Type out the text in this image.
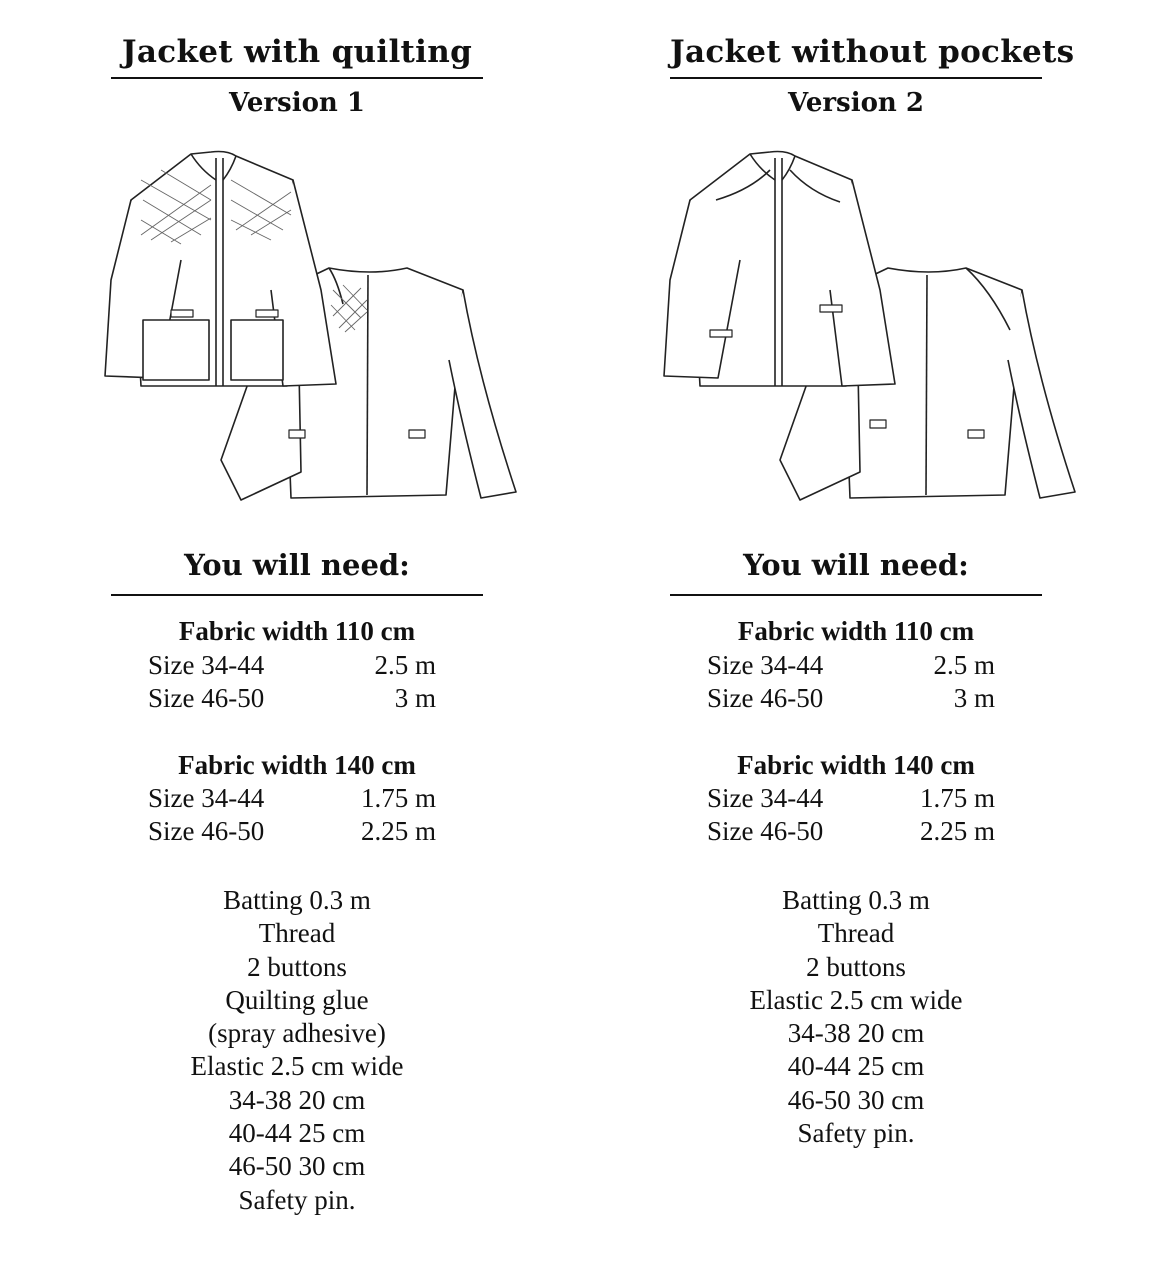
Jacket with quilting
Version 1
You will need:
Fabric width 110 cm
Size 34-44	2.5 m
Size 46-50	3 m
Fabric width 140 cm
Size 34-44	1.75 m
Size 46-50	2.25 m
Batting 0.3 m
Thread
2 buttons
Quilting glue
(spray adhesive)
Elastic 2.5 cm wide
34-38 20 cm
40-44 25 cm
46-50 30 cm
Safety pin.
Jacket without pockets
Version 2
You will need:
Fabric width 110 cm
Size 34-44	2.5 m
Size 46-50	3 m
Fabric width 140 cm
Size 34-44	1.75 m
Size 46-50	2.25 m
Batting 0.3 m
Thread
2 buttons
Elastic 2.5 cm wide
34-38 20 cm
40-44 25 cm
46-50 30 cm
Safety pin.
